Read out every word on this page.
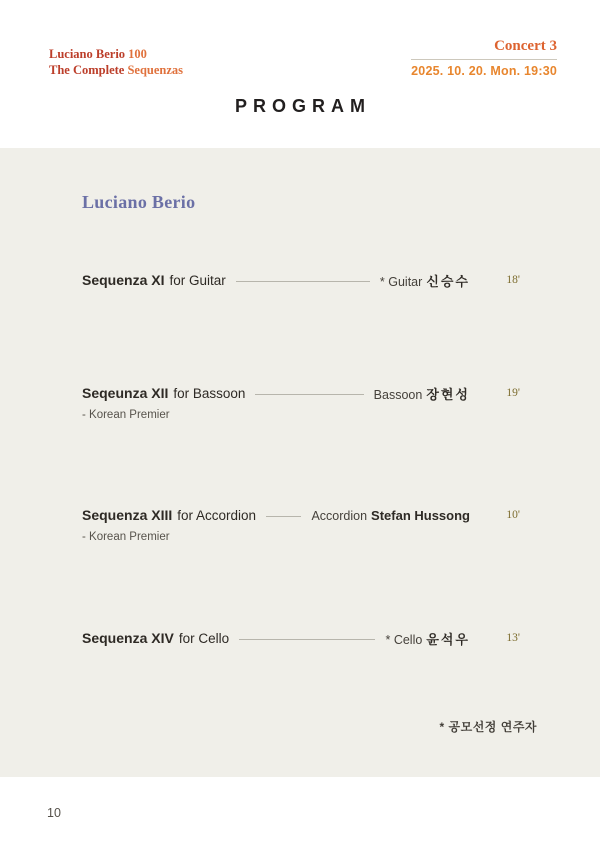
Luciano Berio 100
The Complete Sequenzas
Concert 3
2025. 10. 20. Mon. 19:30
PROGRAM
Luciano Berio
Sequenza XI for Guitar	* Guitar 신승수	18'
Seqeunza XII for Bassoon	Bassoon 장현성	19'
- Korean Premier
Sequenza XIII for Accordion	Accordion Stefan Hussong	10'
- Korean Premier
Sequenza XIV for Cello	* Cello 윤석우	13'
* 공모선정 연주자
10
